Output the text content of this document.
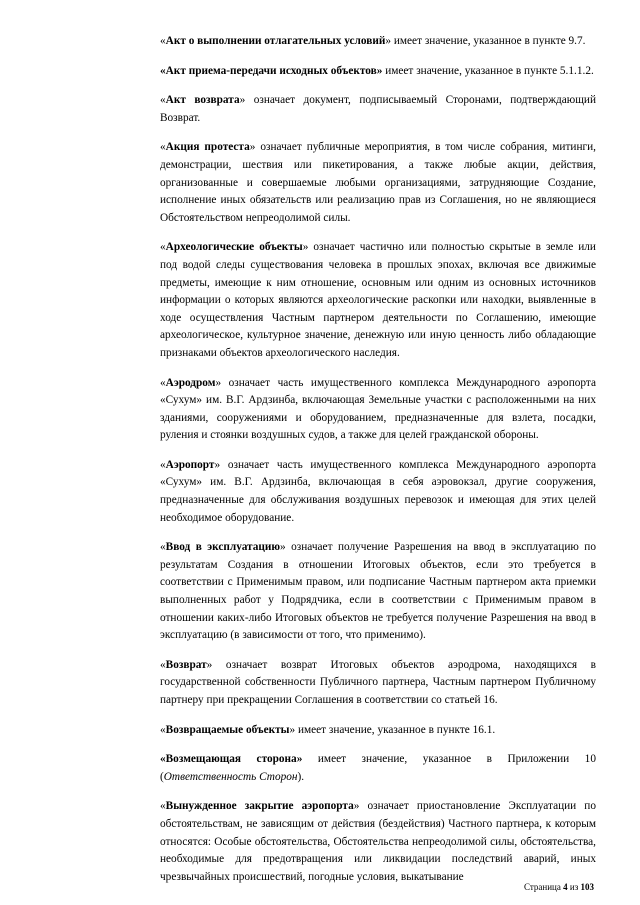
«Акт о выполнении отлагательных условий» имеет значение, указанное в пункте 9.7.

«Акт приема-передачи исходных объектов» имеет значение, указанное в пункте 5.1.1.2.

«Акт возврата» означает документ, подписываемый Сторонами, подтверждающий Возврат.

«Акция протеста» означает публичные мероприятия, в том числе собрания, митинги, демонстрации, шествия или пикетирования, а также любые акции, действия, организованные и совершаемые любыми организациями, затрудняющие Создание, исполнение иных обязательств или реализацию прав из Соглашения, но не являющиеся Обстоятельством непреодолимой силы.

«Археологические объекты» означает частично или полностью скрытые в земле или под водой следы существования человека в прошлых эпохах, включая все движимые предметы, имеющие к ним отношение, основным или одним из основных источников информации о которых являются археологические раскопки или находки, выявленные в ходе осуществления Частным партнером деятельности по Соглашению, имеющие археологическое, культурное значение, денежную или иную ценность либо обладающие признаками объектов археологического наследия.

«Аэродром» означает часть имущественного комплекса Международного аэропорта «Сухум» им. В.Г. Ардзинба, включающая Земельные участки с расположенными на них зданиями, сооружениями и оборудованием, предназначенные для взлета, посадки, руления и стоянки воздушных судов, а также для целей гражданской обороны.

«Аэропорт» означает часть имущественного комплекса Международного аэропорта «Сухум» им. В.Г. Ардзинба, включающая в себя аэровокзал, другие сооружения, предназначенные для обслуживания воздушных перевозок и имеющая для этих целей необходимое оборудование.

«Ввод в эксплуатацию» означает получение Разрешения на ввод в эксплуатацию по результатам Создания в отношении Итоговых объектов, если это требуется в соответствии с Применимым правом, или подписание Частным партнером акта приемки выполненных работ у Подрядчика, если в соответствии с Применимым правом в отношении каких-либо Итоговых объектов не требуется получение Разрешения на ввод в эксплуатацию (в зависимости от того, что применимо).

«Возврат» означает возврат Итоговых объектов аэродрома, находящихся в государственной собственности Публичного партнера, Частным партнером Публичному партнеру при прекращении Соглашения в соответствии со статьей 16.

«Возвращаемые объекты» имеет значение, указанное в пункте 16.1.

«Возмещающая сторона» имеет значение, указанное в Приложении 10 (Ответственность Сторон).

«Вынужденное закрытие аэропорта» означает приостановление Эксплуатации по обстоятельствам, не зависящим от действия (бездействия) Частного партнера, к которым относятся: Особые обстоятельства, Обстоятельства непреодолимой силы, обстоятельства, необходимые для предотвращения или ликвидации последствий аварий, иных чрезвычайных происшествий, погодные условия, выкатывание

Страница 4 из 103
